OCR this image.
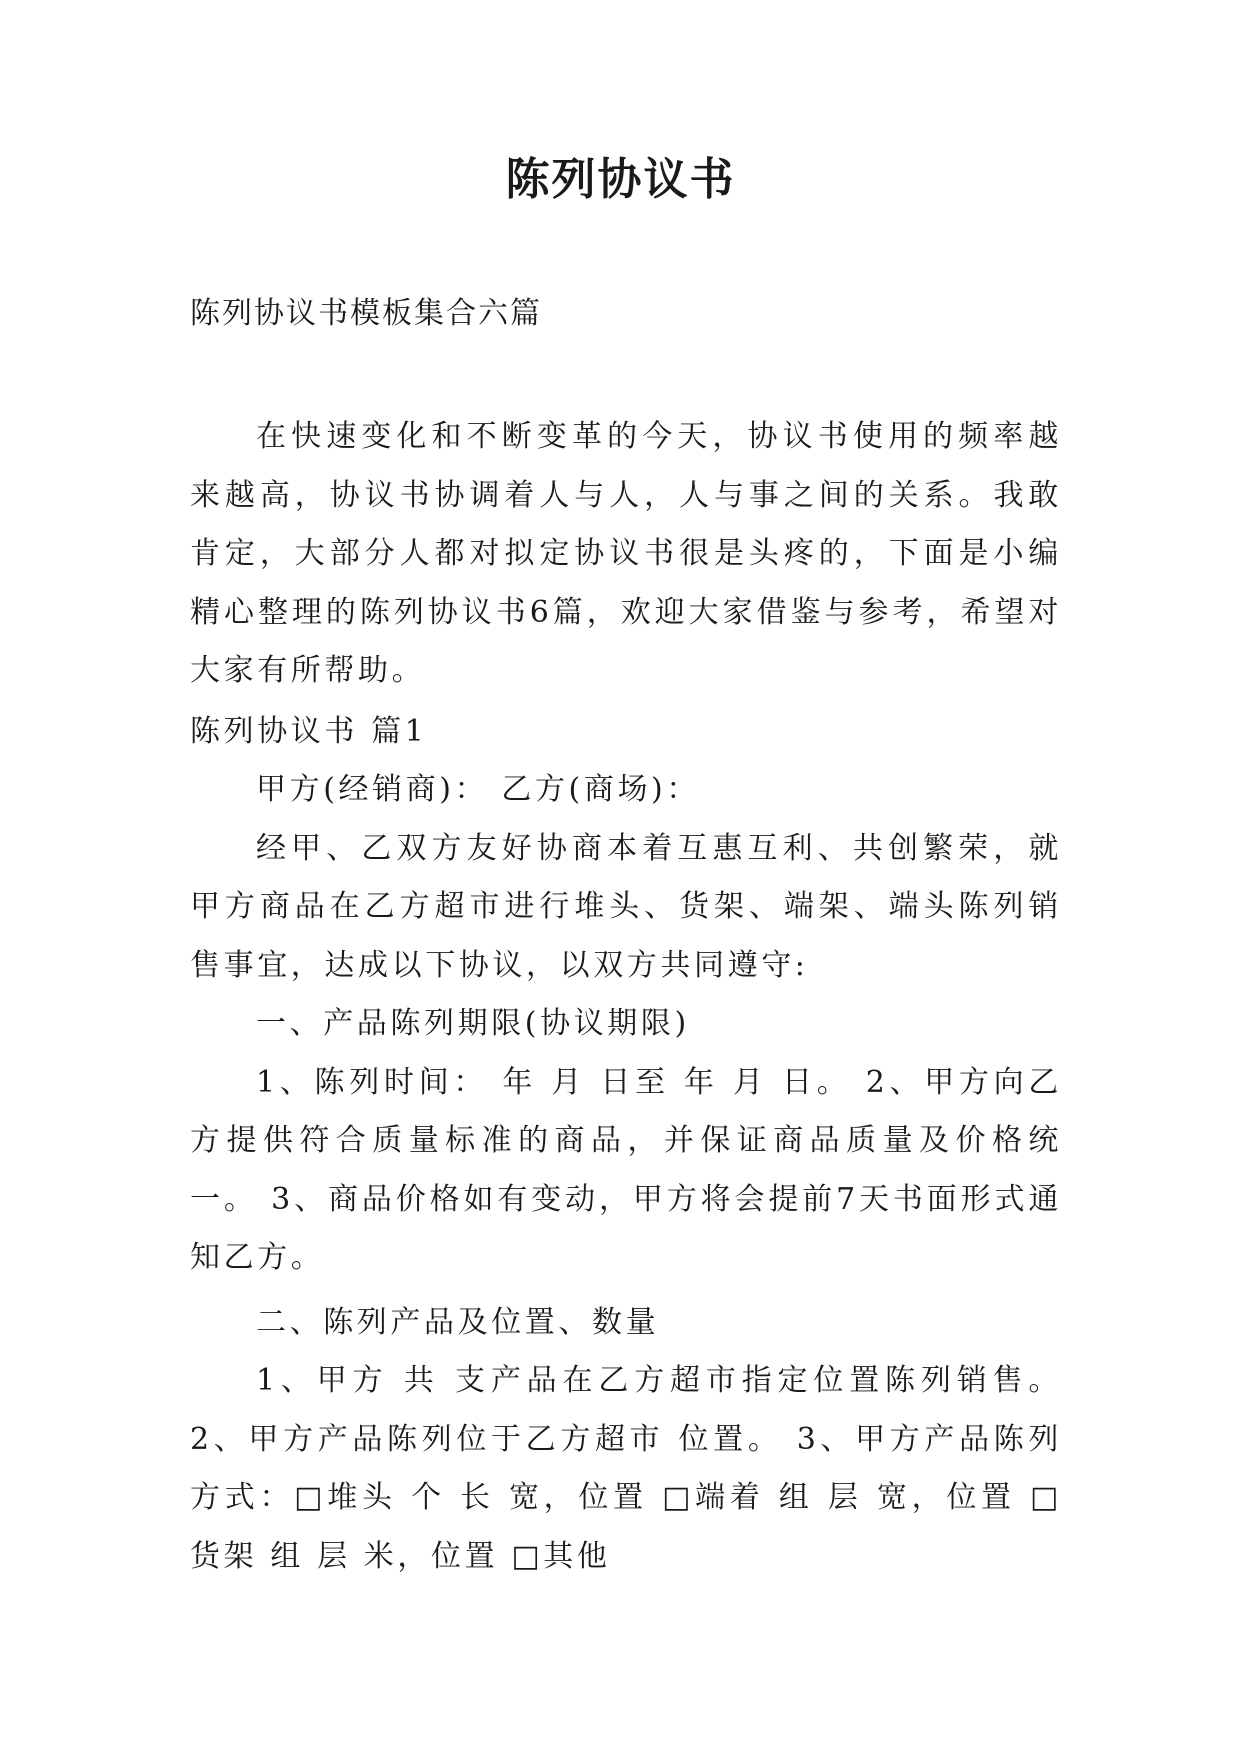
陈列协议书
陈列协议书模板集合六篇

在快速变化和不断变革的今天，协议书使用的频率越来越高，协议书协调着人与人，人与事之间的关系。我敢肯定，大部分人都对拟定协议书很是头疼的，下面是小编精心整理的陈列协议书6篇，欢迎大家借鉴与参考，希望对大家有所帮助。

陈列协议书 篇1

甲方(经销商)： 乙方(商场)：

经甲、乙双方友好协商本着互惠互利、共创繁荣，就甲方商品在乙方超市进行堆头、货架、端架、端头陈列销售事宜，达成以下协议，以双方共同遵守:

一、产品陈列期限(协议期限)

1、陈列时间： 年 月 日至 年 月 日。 2、甲方向乙方提供符合质量标准的商品，并保证商品质量及价格统一。 3、商品价格如有变动，甲方将会提前7天书面形式通知乙方。

二、陈列产品及位置、数量

1、甲方 共 支产品在乙方超市指定位置陈列销售。 2、甲方产品陈列位于乙方超市 位置。 3、甲方产品陈列方式：□堆头 个 长 宽，位置 □端着 组 层 宽，位置 □货架 组 层 米，位置 □其他
